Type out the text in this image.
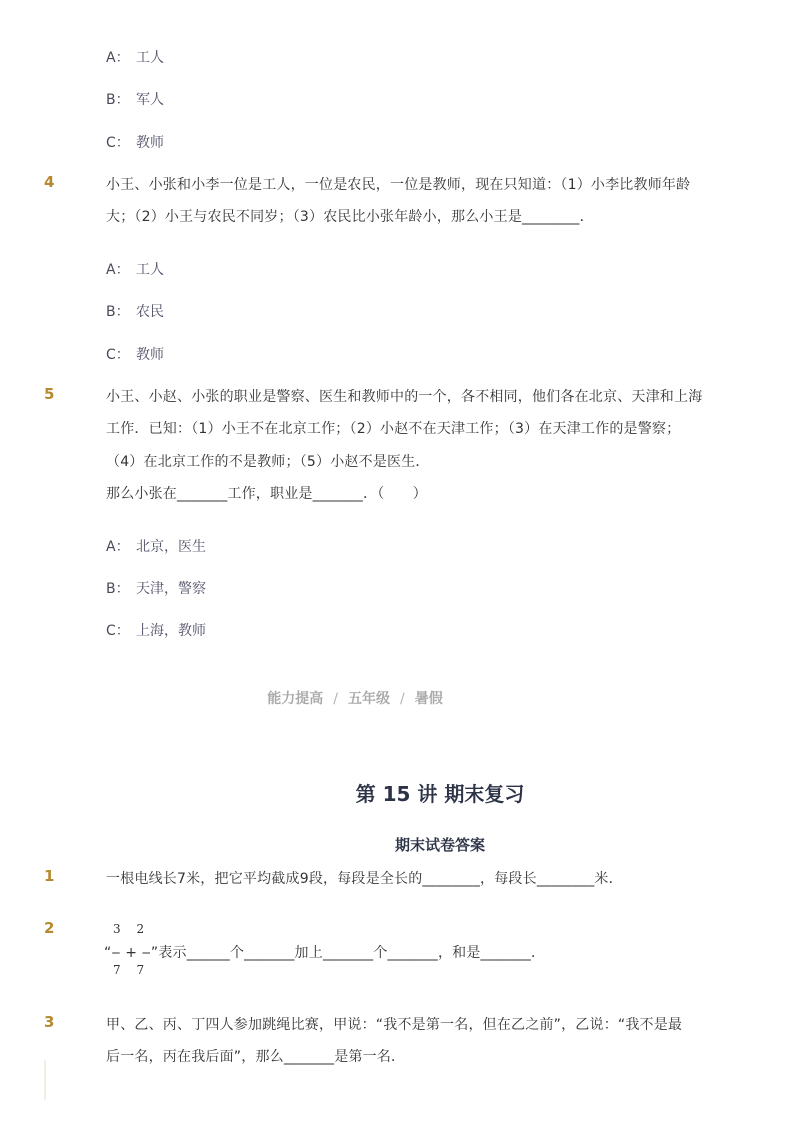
A： 工人
B： 军人
C： 教师
4	小王、小张和小李一位是工人，一位是农民，一位是教师，现在只知道：（1）小李比教师年龄
大；（2）小王与农民不同岁；（3）农民比小张年龄小，那么小王是________．
A： 工人
B： 农民
C： 教师
5	小王、小赵、小张的职业是警察、医生和教师中的一个，各不相同，他们各在北京、天津和上海
工作．已知：（1）小王不在北京工作；（2）小赵不在天津工作；（3）在天津工作的是警察；
（4）在北京工作的不是教师；（5）小赵不是医生．
那么小张在_______工作，职业是_______．（　　）
A： 北京，医生
B： 天津，警察
C： 上海，教师
能力提高 / 五年级 / 暑假
第 15 讲 期末复习
期末试卷答案
1	一根电线长7米，把它平均截成9段，每段是全长的________，每段长________米．
2	3　 2
“‒ + ‒”表示______个_______加上_______个_______，和是_______．
7　 7
3	甲、乙、丙、丁四人参加跳绳比赛，甲说：“我不是第一名，但在乙之前”，乙说：“我不是最
后一名，丙在我后面”，那么_______是第一名．
